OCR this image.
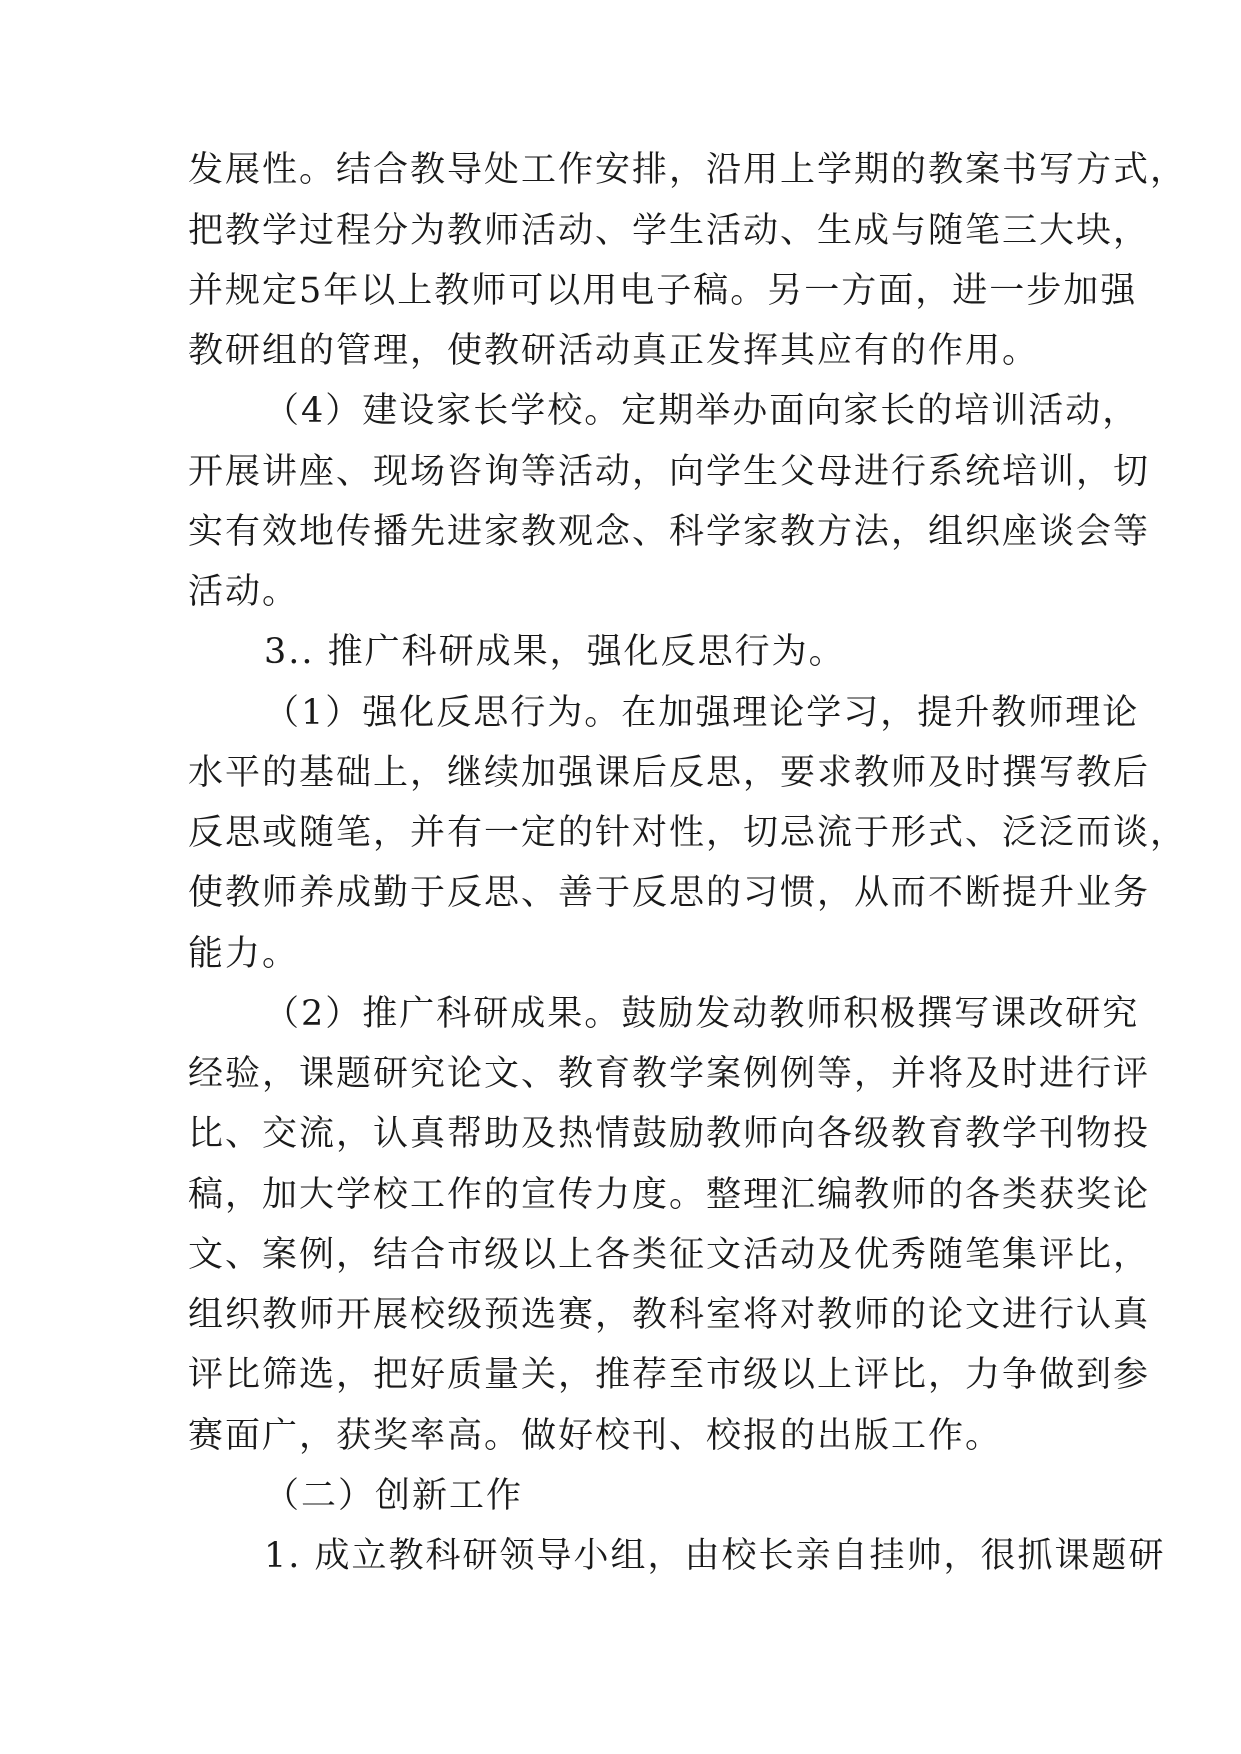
发展性。结合教导处工作安排，沿用上学期的教案书写方式，
把教学过程分为教师活动、学生活动、生成与随笔三大块，
并规定5年以上教师可以用电子稿。另一方面，进一步加强
教研组的管理，使教研活动真正发挥其应有的作用。
（4）建设家长学校。定期举办面向家长的培训活动，
开展讲座、现场咨询等活动，向学生父母进行系统培训，切
实有效地传播先进家教观念、科学家教方法，组织座谈会等
活动。
3.. 推广科研成果，强化反思行为。
（1）强化反思行为。在加强理论学习，提升教师理论
水平的基础上，继续加强课后反思，要求教师及时撰写教后
反思或随笔，并有一定的针对性，切忌流于形式、泛泛而谈，
使教师养成勤于反思、善于反思的习惯，从而不断提升业务
能力。
（2）推广科研成果。鼓励发动教师积极撰写课改研究
经验，课题研究论文、教育教学案例例等，并将及时进行评
比、交流，认真帮助及热情鼓励教师向各级教育教学刊物投
稿，加大学校工作的宣传力度。整理汇编教师的各类获奖论
文、案例，结合市级以上各类征文活动及优秀随笔集评比，
组织教师开展校级预选赛，教科室将对教师的论文进行认真
评比筛选，把好质量关，推荐至市级以上评比，力争做到参
赛面广，获奖率高。做好校刊、校报的出版工作。
（二）创新工作
1. 成立教科研领导小组，由校长亲自挂帅，很抓课题研
